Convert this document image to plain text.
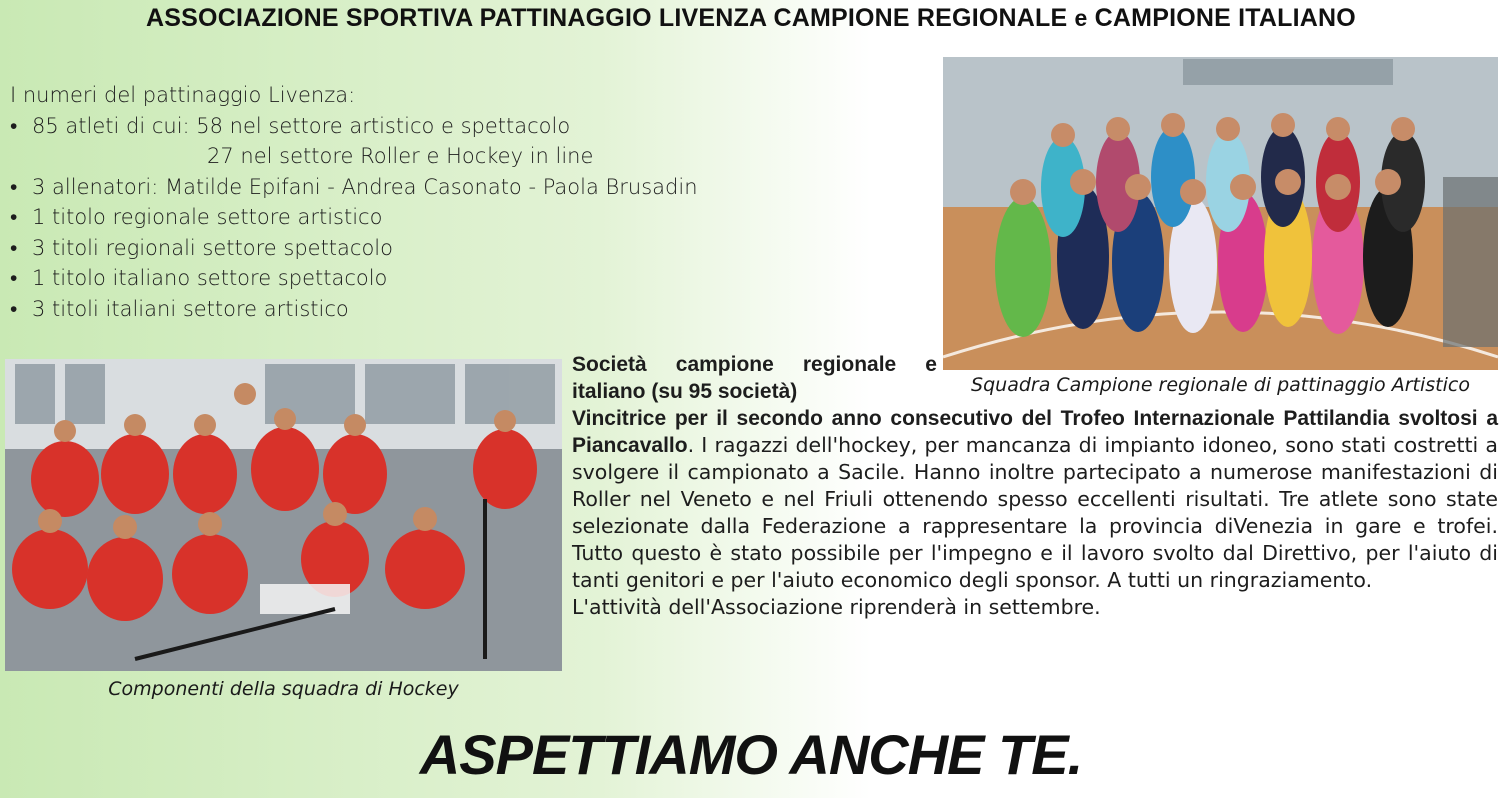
ASSOCIAZIONE SPORTIVA PATTINAGGIO LIVENZA CAMPIONE REGIONALE e CAMPIONE ITALIANO
I numeri del pattinaggio Livenza:
• 85 atleti di cui: 58 nel settore artistico e spettacolo
27 nel settore Roller e Hockey in line
• 3 allenatori: Matilde Epifani - Andrea Casonato - Paola Brusadin
• 1 titolo regionale settore artistico
• 3 titoli regionali settore spettacolo
• 1 titolo italiano settore spettacolo
• 3 titoli italiani settore artistico
Squadra Campione regionale di pattinaggio Artistico
Componenti della squadra di Hockey
Società campione regionale e italiano (su 95 società)
Vincitrice per il secondo anno consecutivo del Trofeo Internazionale Pattilandia svoltosi a Piancavallo. I ragazzi dell'hockey, per mancanza di impianto idoneo, sono stati costretti a svolgere il campionato a Sacile. Hanno inoltre partecipato a numerose manifestazioni di Roller nel Veneto e nel Friuli ottenendo spesso eccellenti risultati. Tre atlete sono state selezionate dalla Federazione a rappresentare la provincia diVenezia in gare e trofei. Tutto questo è stato possibile per l'impegno e il lavoro svolto dal Direttivo, per l'aiuto di tanti genitori e per l'aiuto economico degli sponsor. A tutti un ringraziamento.
L'attività dell'Associazione riprenderà in settembre.
ASPETTIAMO ANCHE TE.
